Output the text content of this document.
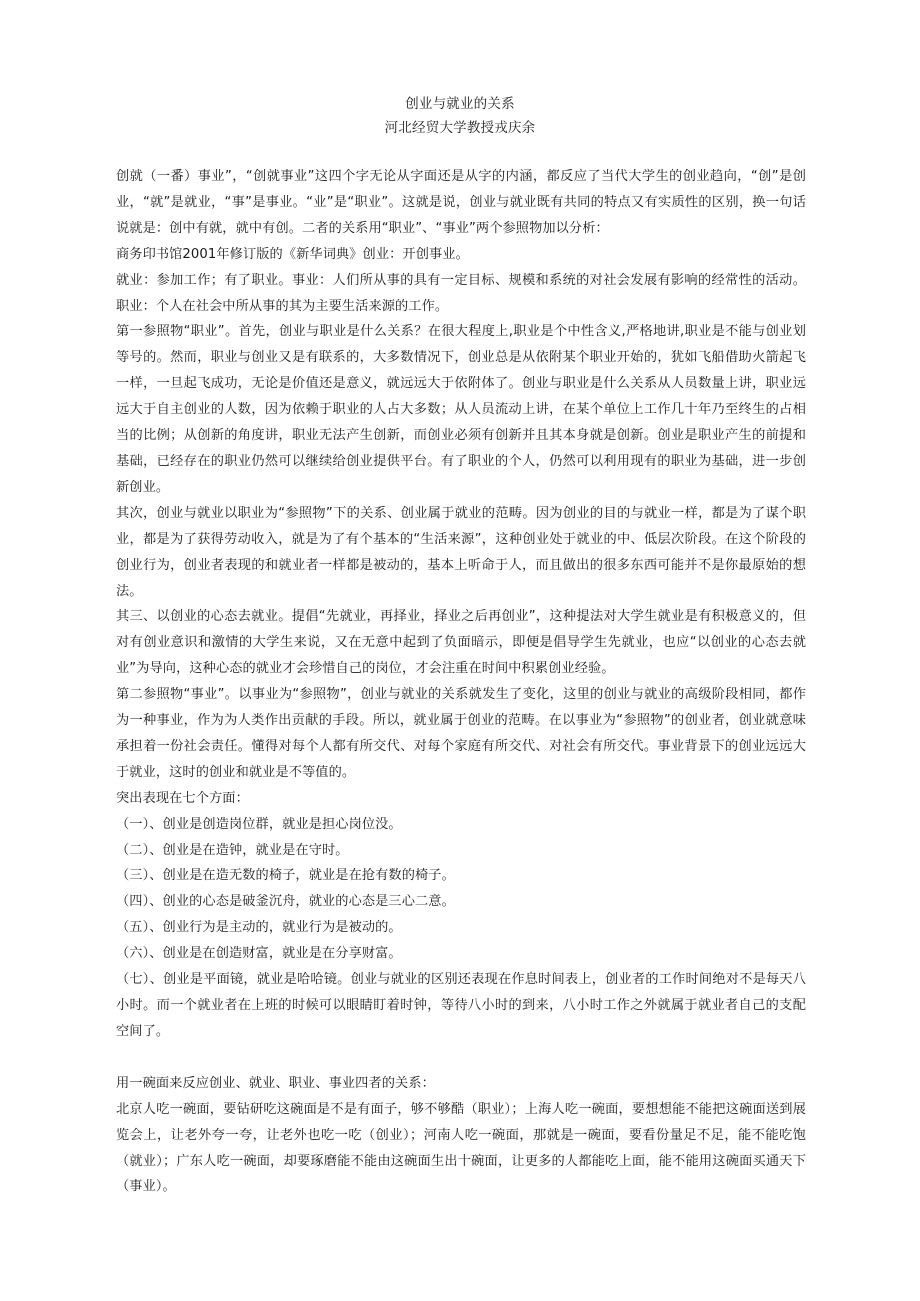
创业与就业的关系
河北经贸大学教授戎庆余

创就（一番）事业”，“创就事业”这四个字无论从字面还是从字的内涵，都反应了当代大学生的创业趋向，“创”是创业，“就”是就业，“事”是事业。“业”是“职业”。这就是说，创业与就业既有共同的特点又有实质性的区别，换一句话说就是：创中有就，就中有创。二者的关系用“职业”、“事业”两个参照物加以分析：

商务印书馆2001年修订版的《新华词典》创业：开创事业。

就业：参加工作；有了职业。事业：人们所从事的具有一定目标、规模和系统的对社会发展有影响的经常性的活动。职业：个人在社会中所从事的其为主要生活来源的工作。

第一参照物“职业”。首先，创业与职业是什么关系？在很大程度上,职业是个中性含义,严格地讲,职业是不能与创业划等号的。然而，职业与创业又是有联系的，大多数情况下，创业总是从依附某个职业开始的，犹如飞船借助火箭起飞一样，一旦起飞成功，无论是价值还是意义，就远远大于依附体了。创业与职业是什么关系从人员数量上讲，职业远远大于自主创业的人数，因为依赖于职业的人占大多数；从人员流动上讲，在某个单位上工作几十年乃至终生的占相当的比例；从创新的角度讲，职业无法产生创新，而创业必须有创新并且其本身就是创新。创业是职业产生的前提和基础，已经存在的职业仍然可以继续给创业提供平台。有了职业的个人，仍然可以利用现有的职业为基础，进一步创新创业。

其次，创业与就业以职业为“参照物”下的关系、创业属于就业的范畴。因为创业的目的与就业一样，都是为了谋个职业，都是为了获得劳动收入，就是为了有个基本的“生活来源”，这种创业处于就业的中、低层次阶段。在这个阶段的创业行为，创业者表现的和就业者一样都是被动的，基本上听命于人，而且做出的很多东西可能并不是你最原始的想法。

其三、以创业的心态去就业。提倡“先就业，再择业，择业之后再创业”，这种提法对大学生就业是有积极意义的，但对有创业意识和激情的大学生来说，又在无意中起到了负面暗示，即便是倡导学生先就业，也应“以创业的心态去就业”为导向，这种心态的就业才会珍惜自己的岗位，才会注重在时间中积累创业经验。

第二参照物“事业”。以事业为“参照物”，创业与就业的关系就发生了变化，这里的创业与就业的高级阶段相同，都作为一种事业，作为为人类作出贡献的手段。所以，就业属于创业的范畴。在以事业为“参照物”的创业者，创业就意味承担着一份社会责任。懂得对每个人都有所交代、对每个家庭有所交代、对社会有所交代。事业背景下的创业远远大于就业，这时的创业和就业是不等值的。

突出表现在七个方面：

（一）、创业是创造岗位群，就业是担心岗位没。

（二）、创业是在造钟，就业是在守时。

（三）、创业是在造无数的椅子，就业是在抢有数的椅子。

（四）、创业的心态是破釜沉舟，就业的心态是三心二意。

（五）、创业行为是主动的，就业行为是被动的。

（六）、创业是在创造财富，就业是在分享财富。

（七）、创业是平面镜，就业是哈哈镜。创业与就业的区别还表现在作息时间表上，创业者的工作时间绝对不是每天八小时。而一个就业者在上班的时候可以眼睛盯着时钟，等待八小时的到来，八小时工作之外就属于就业者自己的支配空间了。

用一碗面来反应创业、就业、职业、事业四者的关系：

北京人吃一碗面，要钻研吃这碗面是不是有面子，够不够酷（职业）；上海人吃一碗面，要想想能不能把这碗面送到展览会上，让老外夸一夸，让老外也吃一吃（创业）；河南人吃一碗面，那就是一碗面，要看份量足不足，能不能吃饱（就业）；广东人吃一碗面，却要琢磨能不能由这碗面生出十碗面，让更多的人都能吃上面，能不能用这碗面买通天下（事业）。
